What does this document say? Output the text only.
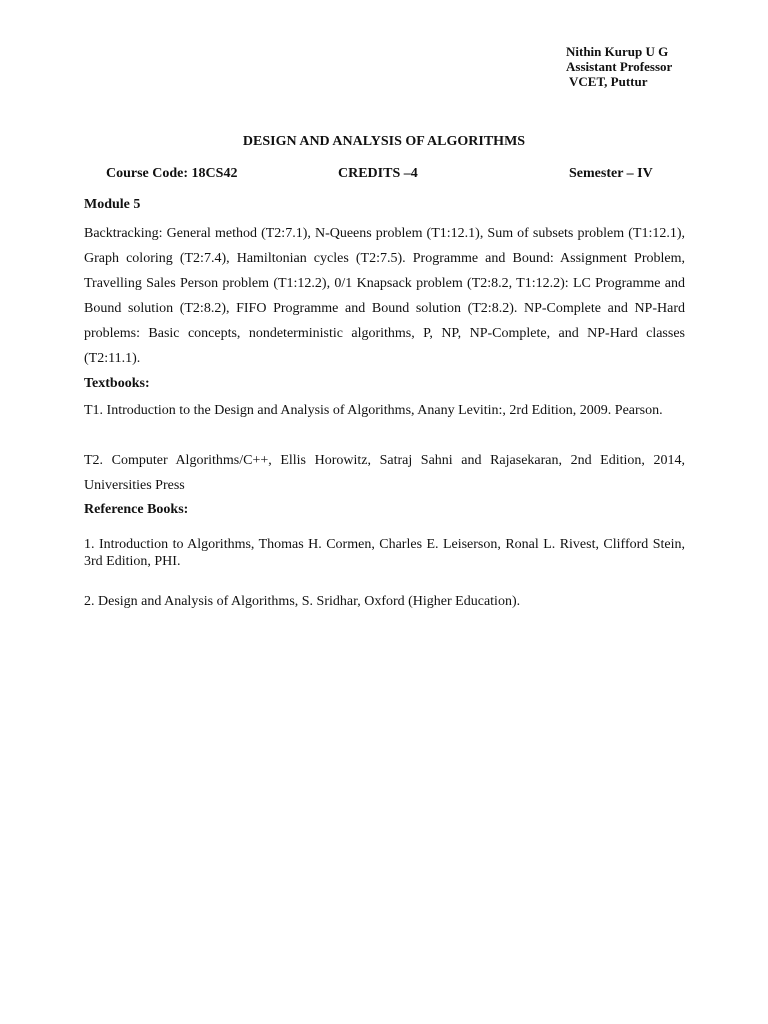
Nithin Kurup U G
Assistant Professor
VCET, Puttur
DESIGN AND ANALYSIS OF ALGORITHMS
Course Code: 18CS42	CREDITS –4	Semester – IV
Module 5
Backtracking: General method (T2:7.1), N-Queens problem (T1:12.1), Sum of subsets problem (T1:12.1), Graph coloring (T2:7.4), Hamiltonian cycles (T2:7.5). Programme and Bound: Assignment Problem, Travelling Sales Person problem (T1:12.2), 0/1 Knapsack problem (T2:8.2, T1:12.2): LC Programme and Bound solution (T2:8.2), FIFO Programme and Bound solution (T2:8.2). NP-Complete and NP-Hard problems: Basic concepts, nondeterministic algorithms, P, NP, NP-Complete, and NP-Hard classes (T2:11.1).
Textbooks:
T1. Introduction to the Design and Analysis of Algorithms, Anany Levitin:, 2rd Edition, 2009. Pearson.
T2. Computer Algorithms/C++, Ellis Horowitz, Satraj Sahni and Rajasekaran, 2nd Edition, 2014, Universities Press
Reference Books:
1. Introduction to Algorithms, Thomas H. Cormen, Charles E. Leiserson, Ronal L. Rivest, Clifford Stein, 3rd Edition, PHI.
2. Design and Analysis of Algorithms, S. Sridhar, Oxford (Higher Education).
